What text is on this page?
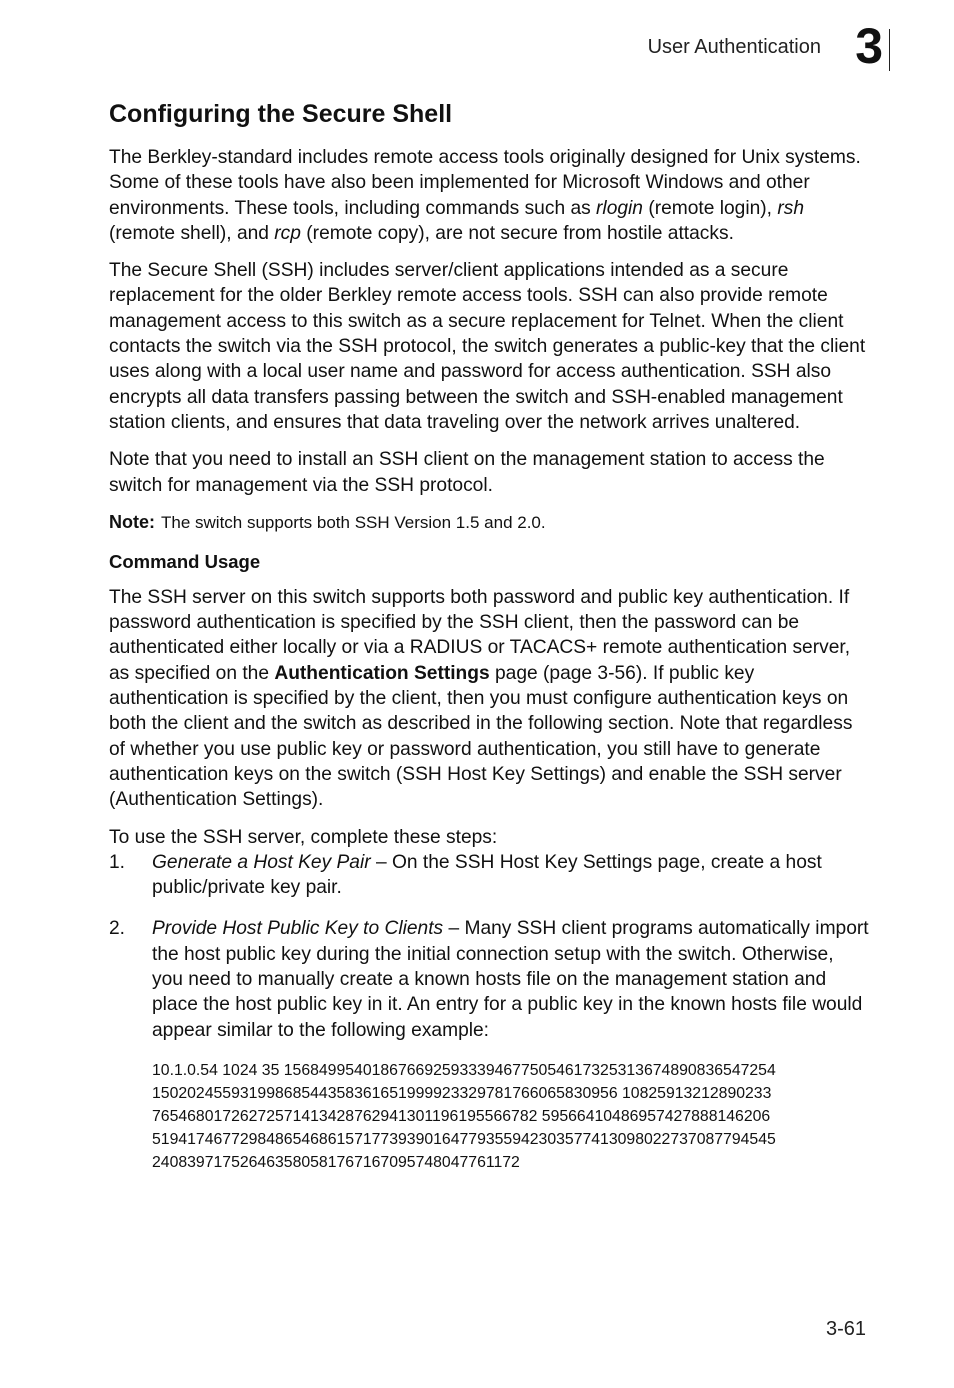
User Authentication 3
Configuring the Secure Shell

The Berkley-standard includes remote access tools originally designed for Unix systems. Some of these tools have also been implemented for Microsoft Windows and other environments. These tools, including commands such as rlogin (remote login), rsh (remote shell), and rcp (remote copy), are not secure from hostile attacks.

The Secure Shell (SSH) includes server/client applications intended as a secure replacement for the older Berkley remote access tools. SSH can also provide remote management access to this switch as a secure replacement for Telnet. When the client contacts the switch via the SSH protocol, the switch generates a public-key that the client uses along with a local user name and password for access authentication. SSH also encrypts all data transfers passing between the switch and SSH-enabled management station clients, and ensures that data traveling over the network arrives unaltered.

Note that you need to install an SSH client on the management station to access the switch for management via the SSH protocol.

Note: The switch supports both SSH Version 1.5 and 2.0.
Command Usage

The SSH server on this switch supports both password and public key authentication. If password authentication is specified by the SSH client, then the password can be authenticated either locally or via a RADIUS or TACACS+ remote authentication server, as specified on the Authentication Settings page (page 3-56). If public key authentication is specified by the client, then you must configure authentication keys on both the client and the switch as described in the following section. Note that regardless of whether you use public key or password authentication, you still have to generate authentication keys on the switch (SSH Host Key Settings) and enable the SSH server (Authentication Settings).

To use the SSH server, complete these steps:

1.	Generate a Host Key Pair – On the SSH Host Key Settings page, create a host public/private key pair.
2.	Provide Host Public Key to Clients – Many SSH client programs automatically import the host public key during the initial connection setup with the switch. Otherwise, you need to manually create a known hosts file on the management station and place the host public key in it. An entry for a public key in the known hosts file would appear similar to the following example:
10.1.0.54 1024 35 15684995401867669259333946775054617325313674890836547254
15020245593199868544358361651999923329781766065830956 10825913212890233
76546801726272571413428762941301196195566782 59566410486957427888146206
51941746772984865468615717739390164779355942303577413098022737087794545
240839717526463580581767167095748047761172
3-61
